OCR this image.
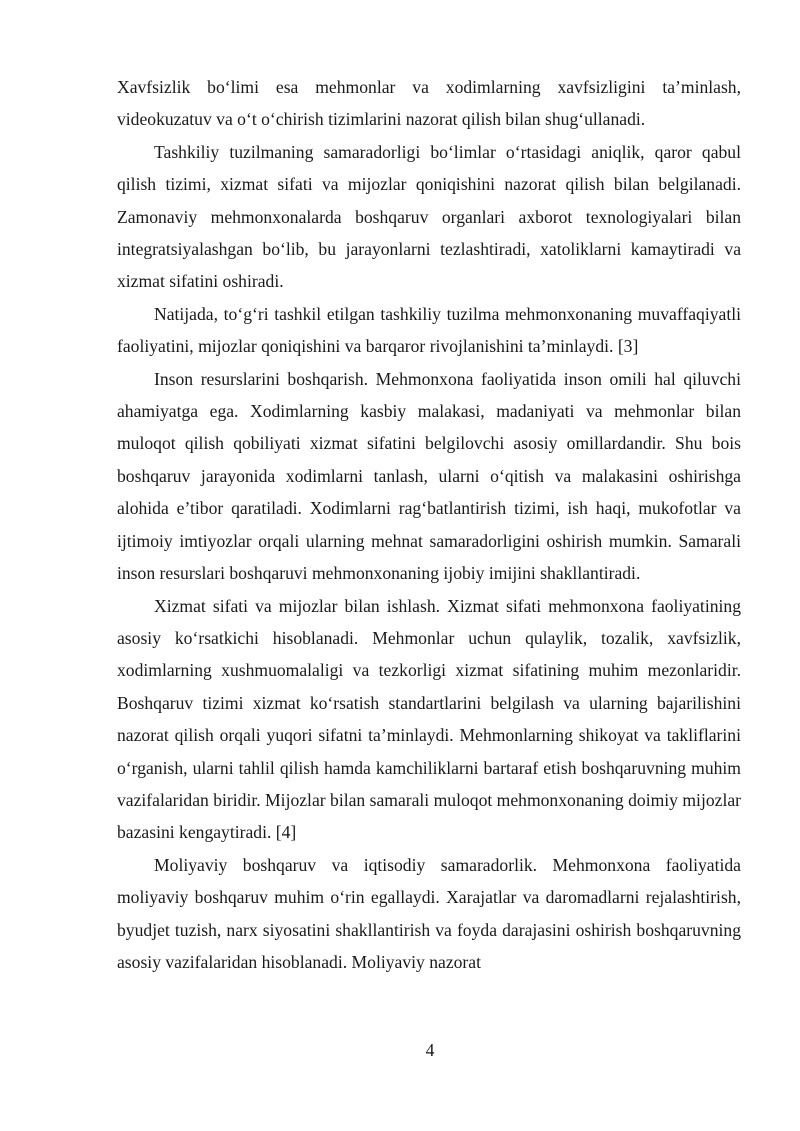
Xavfsizlik bo‘limi esa mehmonlar va xodimlarning xavfsizligini ta’minlash, videokuzatuv va o‘t o‘chirish tizimlarini nazorat qilish bilan shug‘ullanadi.

Tashkiliy tuzilmaning samaradorligi bo‘limlar o‘rtasidagi aniqlik, qaror qabul qilish tizimi, xizmat sifati va mijozlar qoniqishini nazorat qilish bilan belgilanadi. Zamonaviy mehmonxonalarda boshqaruv organlari axborot texnologiyalari bilan integratsiyalashgan bo‘lib, bu jarayonlarni tezlashtiradi, xatoliklarni kamaytiradi va xizmat sifatini oshiradi.

Natijada, to‘g‘ri tashkil etilgan tashkiliy tuzilma mehmonxonaning muvaffaqiyatli faoliyatini, mijozlar qoniqishini va barqaror rivojlanishini ta’minlaydi. [3]

Inson resurslarini boshqarish. Mehmonxona faoliyatida inson omili hal qiluvchi ahamiyatga ega. Xodimlarning kasbiy malakasi, madaniyati va mehmonlar bilan muloqot qilish qobiliyati xizmat sifatini belgilovchi asosiy omillardandir. Shu bois boshqaruv jarayonida xodimlarni tanlash, ularni o‘qitish va malakasini oshirishga alohida e’tibor qaratiladi. Xodimlarni rag‘batlantirish tizimi, ish haqi, mukofotlar va ijtimoiy imtiyozlar orqali ularning mehnat samaradorligini oshirish mumkin. Samarali inson resurslari boshqaruvi mehmonxonaning ijobiy imijini shakllantiradi.

Xizmat sifati va mijozlar bilan ishlash. Xizmat sifati mehmonxona faoliyatining asosiy ko‘rsatkichi hisoblanadi. Mehmonlar uchun qulaylik, tozalik, xavfsizlik, xodimlarning xushmuomalaligi va tezkorligi xizmat sifatining muhim mezonlaridir. Boshqaruv tizimi xizmat ko‘rsatish standartlarini belgilash va ularning bajarilishini nazorat qilish orqali yuqori sifatni ta’minlaydi. Mehmonlarning shikoyat va takliflarini o‘rganish, ularni tahlil qilish hamda kamchiliklarni bartaraf etish boshqaruvning muhim vazifalaridan biridir. Mijozlar bilan samarali muloqot mehmonxonaning doimiy mijozlar bazasini kengaytiradi. [4]

Moliyaviy boshqaruv va iqtisodiy samaradorlik. Mehmonxona faoliyatida moliyaviy boshqaruv muhim o‘rin egallaydi. Xarajatlar va daromadlarni rejalashtirish, byudjet tuzish, narx siyosatini shakllantirish va foyda darajasini oshirish boshqaruvning asosiy vazifalaridan hisoblanadi. Moliyaviy nazorat

4
